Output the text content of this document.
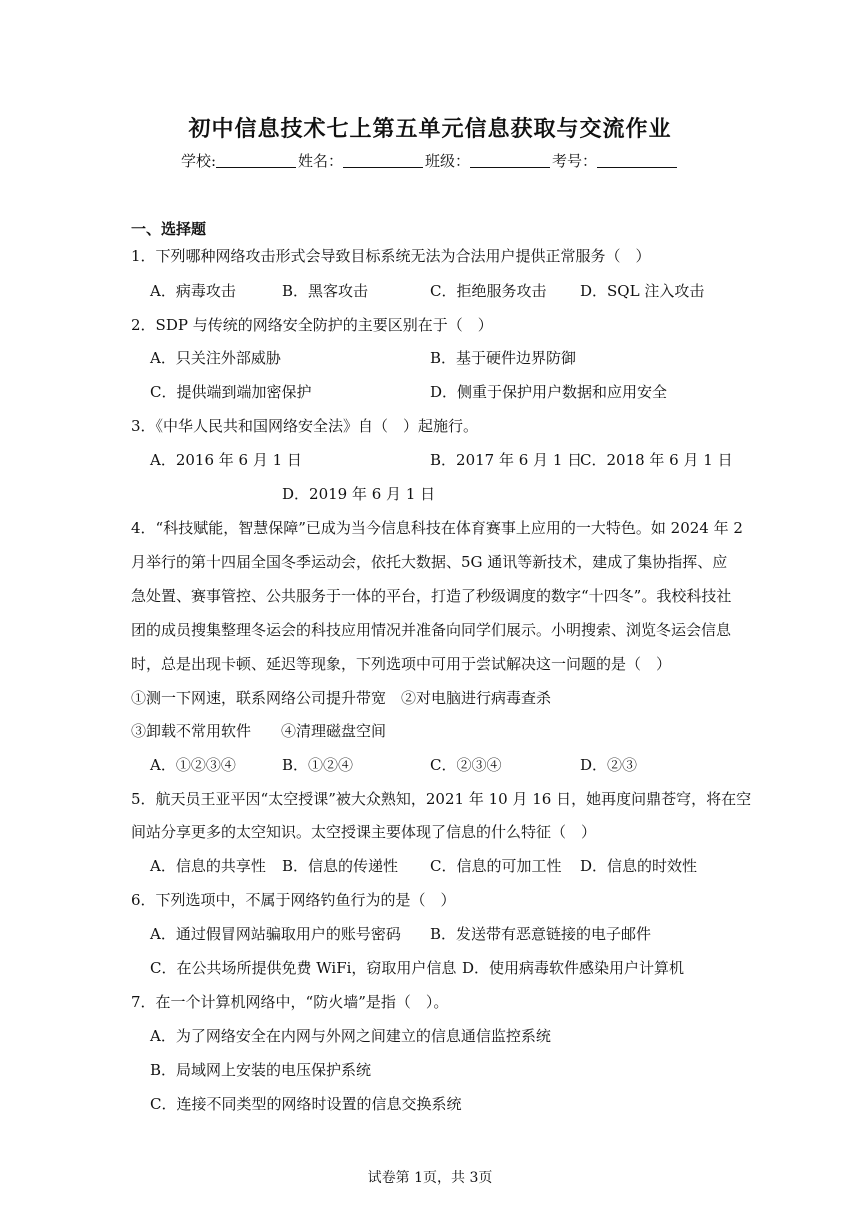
初中信息技术七上第五单元信息获取与交流作业
学校:	姓名：	班级：	考号：
一、选择题
1．下列哪种网络攻击形式会导致目标系统无法为合法用户提供正常服务（　）
A．病毒攻击	B．黑客攻击	C．拒绝服务攻击 D．SQL 注入攻击
2．SDP 与传统的网络安全防护的主要区别在于（　）
A．只关注外部威胁	B．基于硬件边界防御
C．提供端到端加密保护	D．侧重于保护用户数据和应用安全
3．《中华人民共和国网络安全法》自（　）起施行。
A．2016 年 6 月 1 日	B．2017 年 6 月 1 日
C．2018 年 6 月 1 日
D．2019 年 6 月 1 日
4．“科技赋能，智慧保障”已成为当今信息科技在体育赛事上应用的一大特色。如 2024 年 2
月举行的第十四届全国冬季运动会，依托大数据、5G 通讯等新技术，建成了集协指挥、应
急处置、赛事管控、公共服务于一体的平台，打造了秒级调度的数字“十四冬”。我校科技社
团的成员搜集整理冬运会的科技应用情况并准备向同学们展示。小明搜索、浏览冬运会信息
时，总是出现卡顿、延迟等现象，下列选项中可用于尝试解决这一问题的是（　）
①测一下网速，联系网络公司提升带宽　②对电脑进行病毒查杀
③卸载不常用软件　　④清理磁盘空间
A．①②③④	B．①②④	C．②③④	D．②③
5．航天员王亚平因“太空授课”被大众熟知，2021 年 10 月 16 日，她再度问鼎苍穹，将在空
间站分享更多的太空知识。太空授课主要体现了信息的什么特征（　）
A．信息的共享性 B．信息的传递性 C．信息的可加工性 D．信息的时效性
6．下列选项中，不属于网络钓鱼行为的是（　）
A．通过假冒网站骗取用户的账号密码 B．发送带有恶意链接的电子邮件
C．在公共场所提供免费 WiFi，窃取用户信息 D．使用病毒软件感染用户计算机
7．在一个计算机网络中，“防火墙”是指（　）。
A．为了网络安全在内网与外网之间建立的信息通信监控系统
B．局域网上安装的电压保护系统
C．连接不同类型的网络时设置的信息交换系统
试卷第 1页，共 3页
